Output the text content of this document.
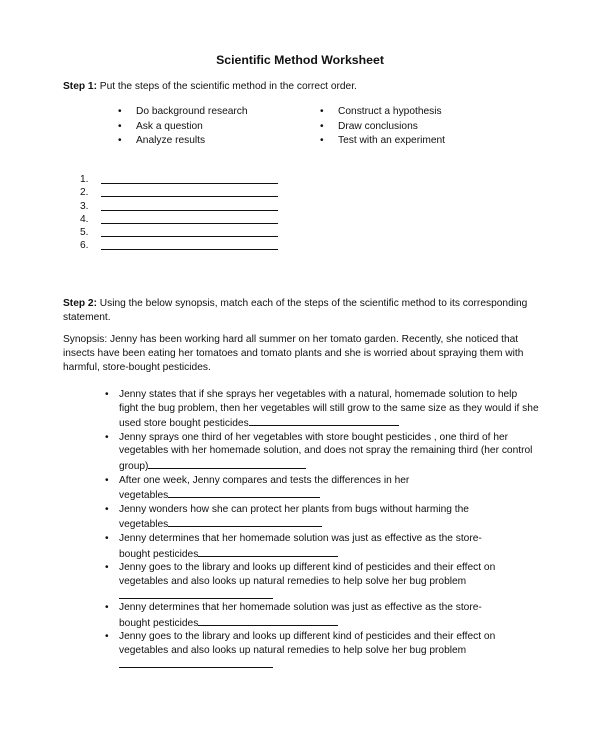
Scientific Method Worksheet
Step 1: Put the steps of the scientific method in the correct order.
• Do background research
• Ask a question
• Analyze results
• Construct a hypothesis
• Draw conclusions
• Test with an experiment
1.
2.
3.
4.
5.
6.
Step 2: Using the below synopsis, match each of the steps of the scientific method to its corresponding statement.
Synopsis: Jenny has been working hard all summer on her tomato garden. Recently, she noticed that insects have been eating her tomatoes and tomato plants and she is worried about spraying them with harmful, store-bought pesticides.
• Jenny states that if she sprays her vegetables with a natural, homemade solution to help fight the bug problem, then her vegetables will still grow to the same size as they would if she used store bought pesticides
• Jenny sprays one third of her vegetables with store bought pesticides , one third of her vegetables with her homemade solution, and does not spray the remaining third (her control group)
• After one week, Jenny compares and tests the differences in her vegetables
• Jenny wonders how she can protect her plants from bugs without harming the vegetables
• Jenny determines that her homemade solution was just as effective as the store-bought pesticides
• Jenny goes to the library and looks up different kind of pesticides and their effect on vegetables and also looks up natural remedies to help solve her bug problem
• Jenny determines that her homemade solution was just as effective as the store-bought pesticides
• Jenny goes to the library and looks up different kind of pesticides and their effect on vegetables and also looks up natural remedies to help solve her bug problem
